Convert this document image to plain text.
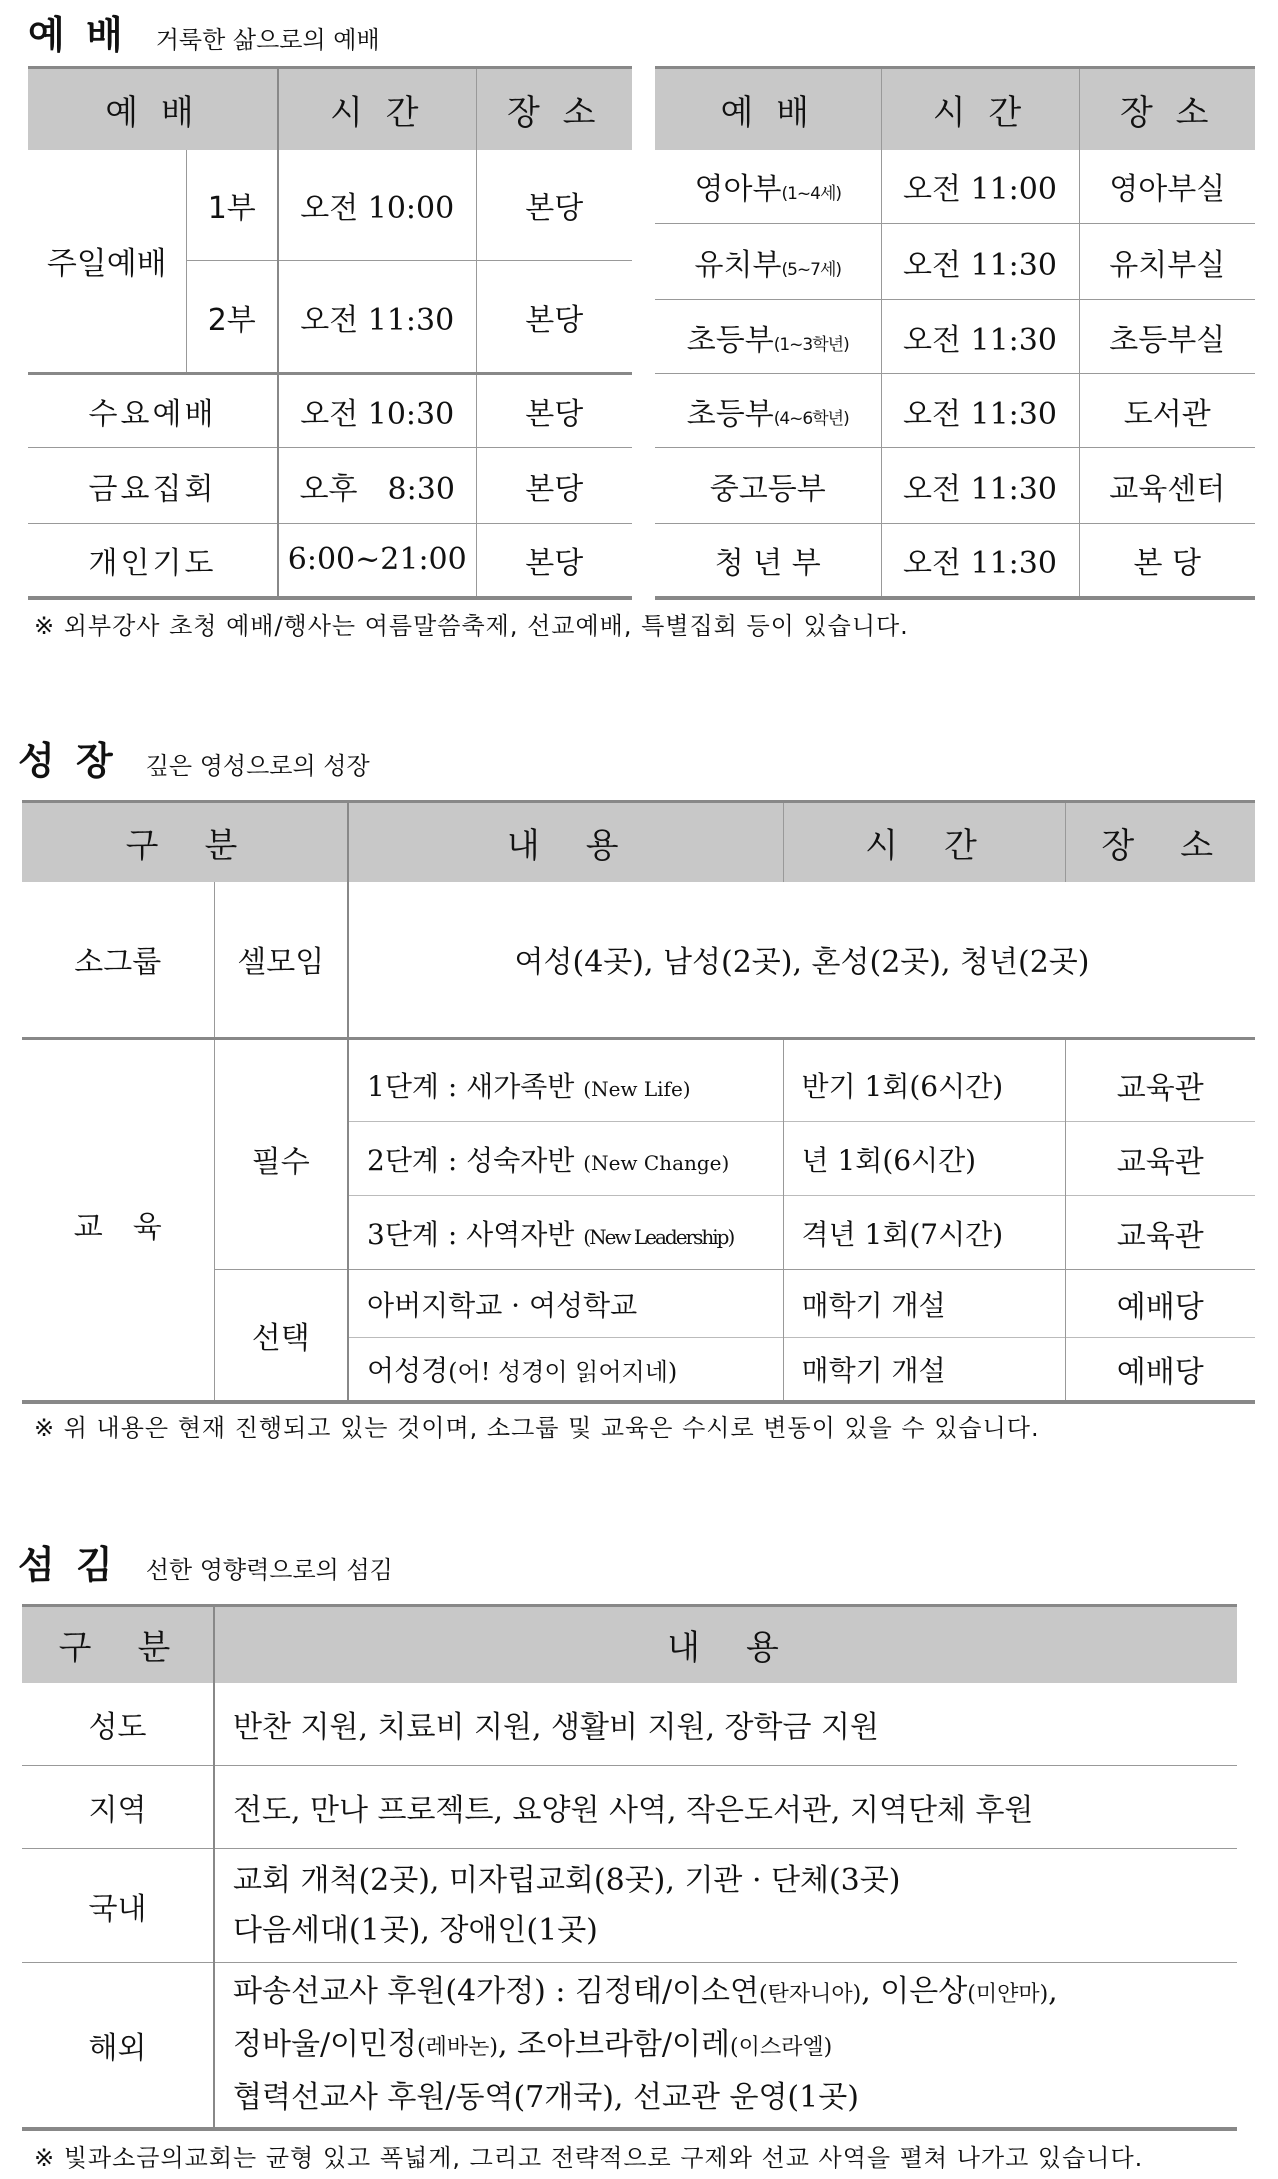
예 배 거룩한 삶으로의 예배
예 배		시 간	장 소
주일예배	1부	오전 10:00	본당
	2부	오전 11:30	본당
수요예배		오전 10:30	본당
금요집회		오후　8:30	본당
개인기도		6:00~21:00	본당
예 배	시 간	장 소
영아부(1~4세)	오전 11:00	영아부실
유치부(5~7세)	오전 11:30	유치부실
초등부(1~3학년)	오전 11:30	초등부실
초등부(4~6학년)	오전 11:30	도서관
중고등부	오전 11:30	교육센터
청 년 부	오전 11:30	본 당
※ 외부강사 초청 예배/행사는 여름말씀축제, 선교예배, 특별집회 등이 있습니다.
성 장 깊은 영성으로의 성장
구　분		내　용	시　간	장　소
소그룹	셀모임	여성(4곳), 남성(2곳), 혼성(2곳), 청년(2곳)		

교　육	필수	1단계 : 새가족반 (New Life)	반기 1회(6시간)	교육관
		2단계 : 성숙자반 (New Change)	년 1회(6시간)	교육관
		3단계 : 사역자반 (New Leadership)	격년 1회(7시간)	교육관
	선택	아버지학교 · 여성학교	매학기 개설	예배당
		어성경(어! 성경이 읽어지네)	매학기 개설	예배당
※ 위 내용은 현재 진행되고 있는 것이며, 소그룹 및 교육은 수시로 변동이 있을 수 있습니다.
섬 김 선한 영향력으로의 섬김
구　분	내　용
성도	반찬 지원, 치료비 지원, 생활비 지원, 장학금 지원
지역	전도, 만나 프로젝트, 요양원 사역, 작은도서관, 지역단체 후원
국내	교회 개척(2곳), 미자립교회(8곳), 기관 · 단체(3곳)
다음세대(1곳), 장애인(1곳)

해외	파송선교사 후원(4가정) : 김정태/이소연(탄자니아), 이은상(미얀마),
정바울/이민정(레바논), 조아브라함/이레(이스라엘)
협력선교사 후원/동역(7개국), 선교관 운영(1곳)
※ 빛과소금의교회는 균형 있고 폭넓게, 그리고 전략적으로 구제와 선교 사역을 펼쳐 나가고 있습니다.
